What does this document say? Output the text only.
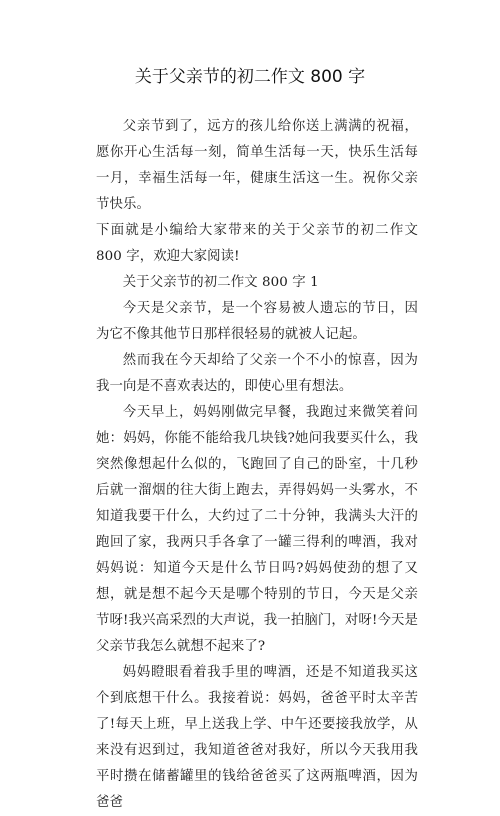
关于父亲节的初二作文 800 字

父亲节到了，远方的孩儿给你送上满满的祝福，愿你开心生活每一刻，简单生活每一天，快乐生活每一月，幸福生活每一年，健康生活这一生。祝你父亲节快乐。

下面就是小编给大家带来的关于父亲节的初二作文 800 字，欢迎大家阅读!

关于父亲节的初二作文 800 字 1

今天是父亲节，是一个容易被人遗忘的节日，因为它不像其他节日那样很轻易的就被人记起。

然而我在今天却给了父亲一个不小的惊喜，因为我一向是不喜欢表达的，即使心里有想法。

今天早上，妈妈刚做完早餐，我跑过来微笑着问她：妈妈，你能不能给我几块钱?她问我要买什么，我突然像想起什么似的，飞跑回了自己的卧室，十几秒后就一溜烟的往大街上跑去，弄得妈妈一头雾水，不知道我要干什么，大约过了二十分钟，我满头大汗的跑回了家，我两只手各拿了一罐三得利的啤酒，我对妈妈说：知道今天是什么节日吗?妈妈使劲的想了又想，就是想不起今天是哪个特别的节日，今天是父亲节呀!我兴高采烈的大声说，我一拍脑门，对呀!今天是父亲节我怎么就想不起来了?

妈妈瞪眼看着我手里的啤酒，还是不知道我买这个到底想干什么。我接着说：妈妈，爸爸平时太辛苦了!每天上班，早上送我上学、中午还要接我放学，从来没有迟到过，我知道爸爸对我好，所以今天我用我平时攒在储蓄罐里的钱给爸爸买了这两瓶啤酒，因为爸爸
